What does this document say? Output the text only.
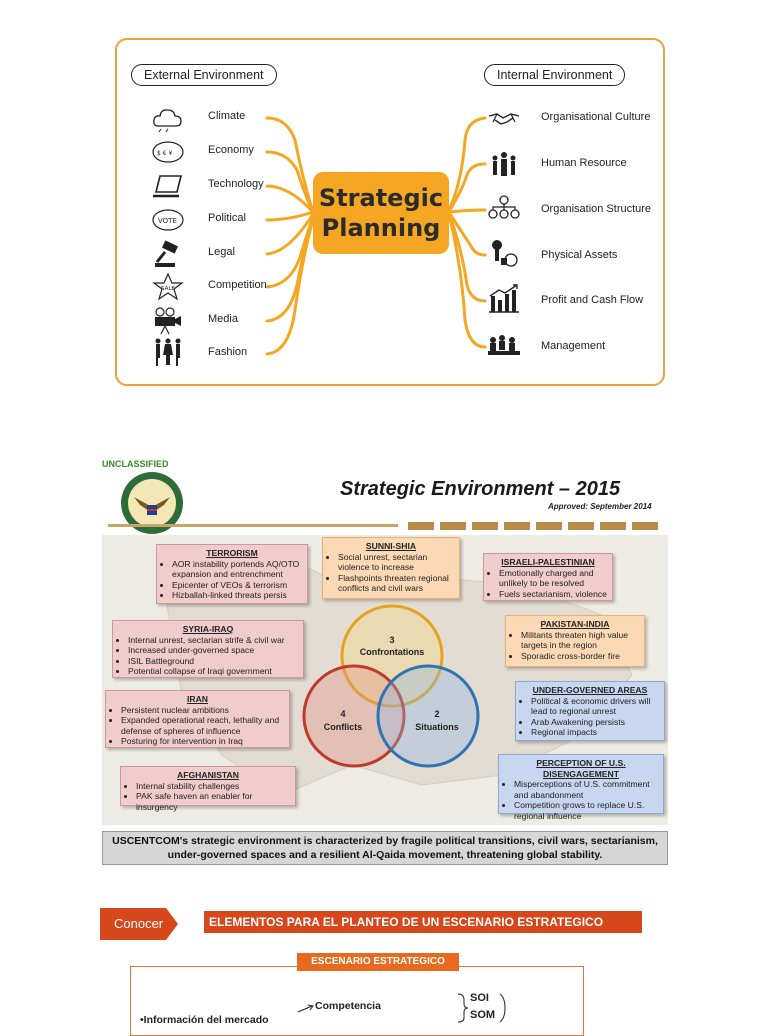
External Environment	Internal Environment
Strategic
Planning
Climate
$ € ¥	Economy
Technology
VOTE	Political
Legal
SALE	Competition
Media
Fashion
Organisational Culture
Human Resource
Organisation Structure
Physical Assets
Profit and Cash Flow
Management
UNCLASSIFIED
Strategic Environment – 2015
Approved: September 2014
3
Confrontations
4
Conflicts
2
Situations
TERRORISM
• AOR instability portends AQ/OTO expansion and entrenchment
• Epicenter of VEOs & terrorism
• Hizballah-linked threats persis
SUNNI-SHIA
• Social unrest, sectarian violence to increase
• Flashpoints threaten regional conflicts and civil wars
ISRAELI-PALESTINIAN
• Emotionally charged and unlikely to be resolved
• Fuels sectarianism, violence
SYRIA-IRAQ
• Internal unrest, sectarian strife & civil war
• Increased under-governed space
• ISIL Battleground
• Potential collapse of Iraqi government
PAKISTAN-INDIA
• Militants threaten high value targets in the region
• Sporadic cross-border fire
IRAN
• Persistent nuclear ambitions
• Expanded operational reach, lethality and defense of spheres of influence
• Posturing for intervention in Iraq
UNDER-GOVERNED AREAS
• Political & economic drivers will lead to regional unrest
• Arab Awakening persists
• Regional impacts
AFGHANISTAN
• Internal stability challenges
• PAK safe haven an enabler for insurgency
PERCEPTION OF U.S. DISENGAGEMENT
• Misperceptions of U.S. commitment and abandonment
• Competition grows to replace U.S. regional influence
USCENTCOM's strategic environment is characterized by fragile political transitions, civil wars, sectarianism, under-governed spaces and a resilient Al-Qaida movement, threatening global stability.
Conocer	ELEMENTOS PARA EL PLANTEO DE UN ESCENARIO ESTRATEGICO
ESCENARIO ESTRATEGICO
•Información del mercado
Competencia
SOI
SOM
